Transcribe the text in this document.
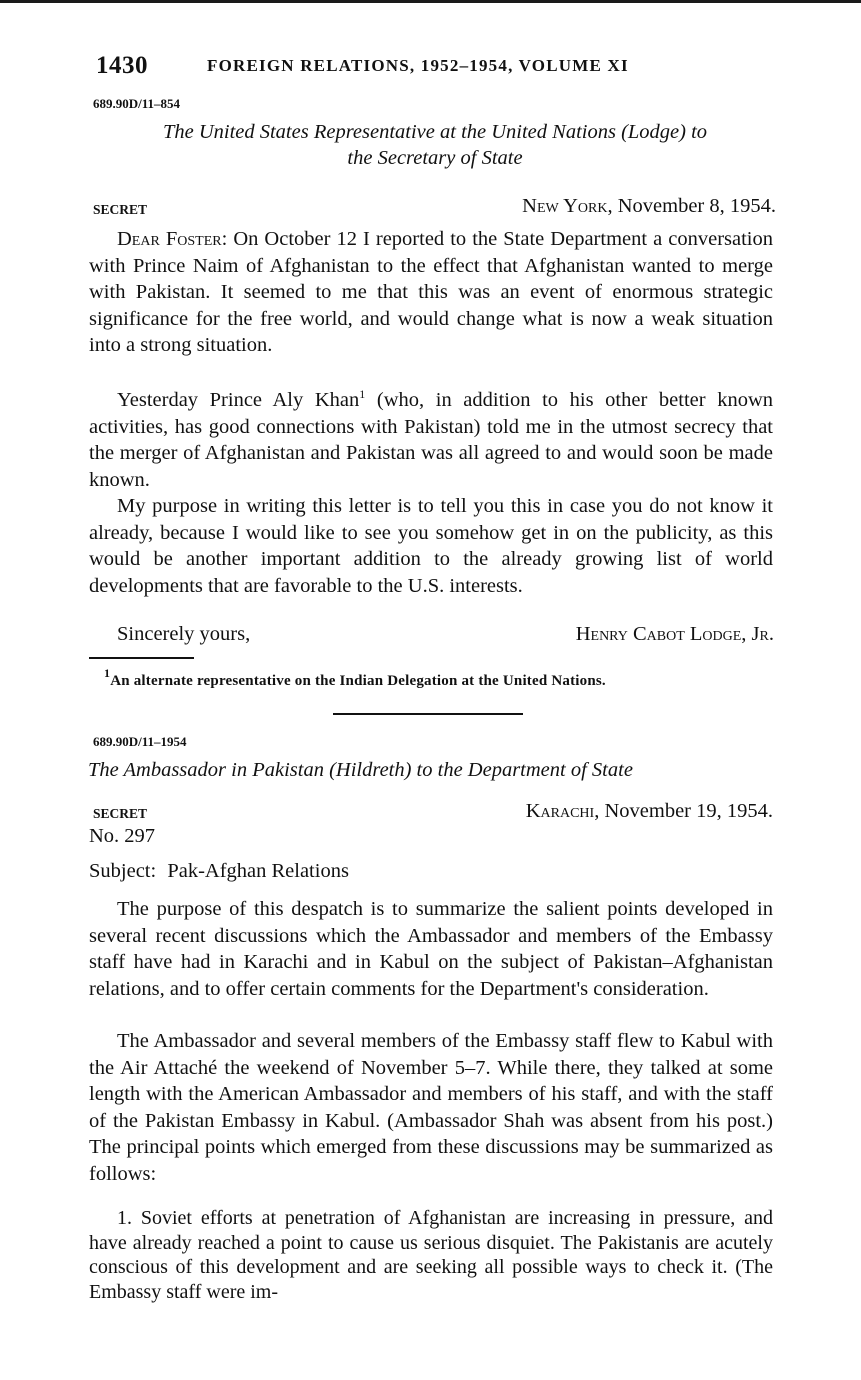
1430	FOREIGN RELATIONS, 1952–1954, VOLUME XI
689.90D/11–854
The United States Representative at the United Nations (Lodge) to
the Secretary of State
SECRET	New York, November 8, 1954.
Dear Foster: On October 12 I reported to the State Department a conversation with Prince Naim of Afghanistan to the effect that Afghanistan wanted to merge with Pakistan. It seemed to me that this was an event of enormous strategic significance for the free world, and would change what is now a weak situation into a strong situation.
Yesterday Prince Aly Khan$^1$ (who, in addition to his other better known activities, has good connections with Pakistan) told me in the utmost secrecy that the merger of Afghanistan and Pakistan was all agreed to and would soon be made known.
My purpose in writing this letter is to tell you this in case you do not know it already, because I would like to see you somehow get in on the publicity, as this would be another important addition to the already growing list of world developments that are favorable to the U.S. interests.
Sincerely yours,	Henry Cabot Lodge, Jr.
$^1$An alternate representative on the Indian Delegation at the United Nations.
689.90D/11–1954
The Ambassador in Pakistan (Hildreth) to the Department of State
SECRET	Karachi, November 19, 1954.
No. 297
Subject: Pak-Afghan Relations
The purpose of this despatch is to summarize the salient points developed in several recent discussions which the Ambassador and members of the Embassy staff have had in Karachi and in Kabul on the subject of Pakistan–Afghanistan relations, and to offer certain comments for the Department's consideration.
The Ambassador and several members of the Embassy staff flew to Kabul with the Air Attaché the weekend of November 5–7. While there, they talked at some length with the American Ambassador and members of his staff, and with the staff of the Pakistan Embassy in Kabul. (Ambassador Shah was absent from his post.) The principal points which emerged from these discussions may be summarized as follows:
1. Soviet efforts at penetration of Afghanistan are increasing in pressure, and have already reached a point to cause us serious disquiet. The Pakistanis are acutely conscious of this development and are seeking all possible ways to check it. (The Embassy staff were im-
